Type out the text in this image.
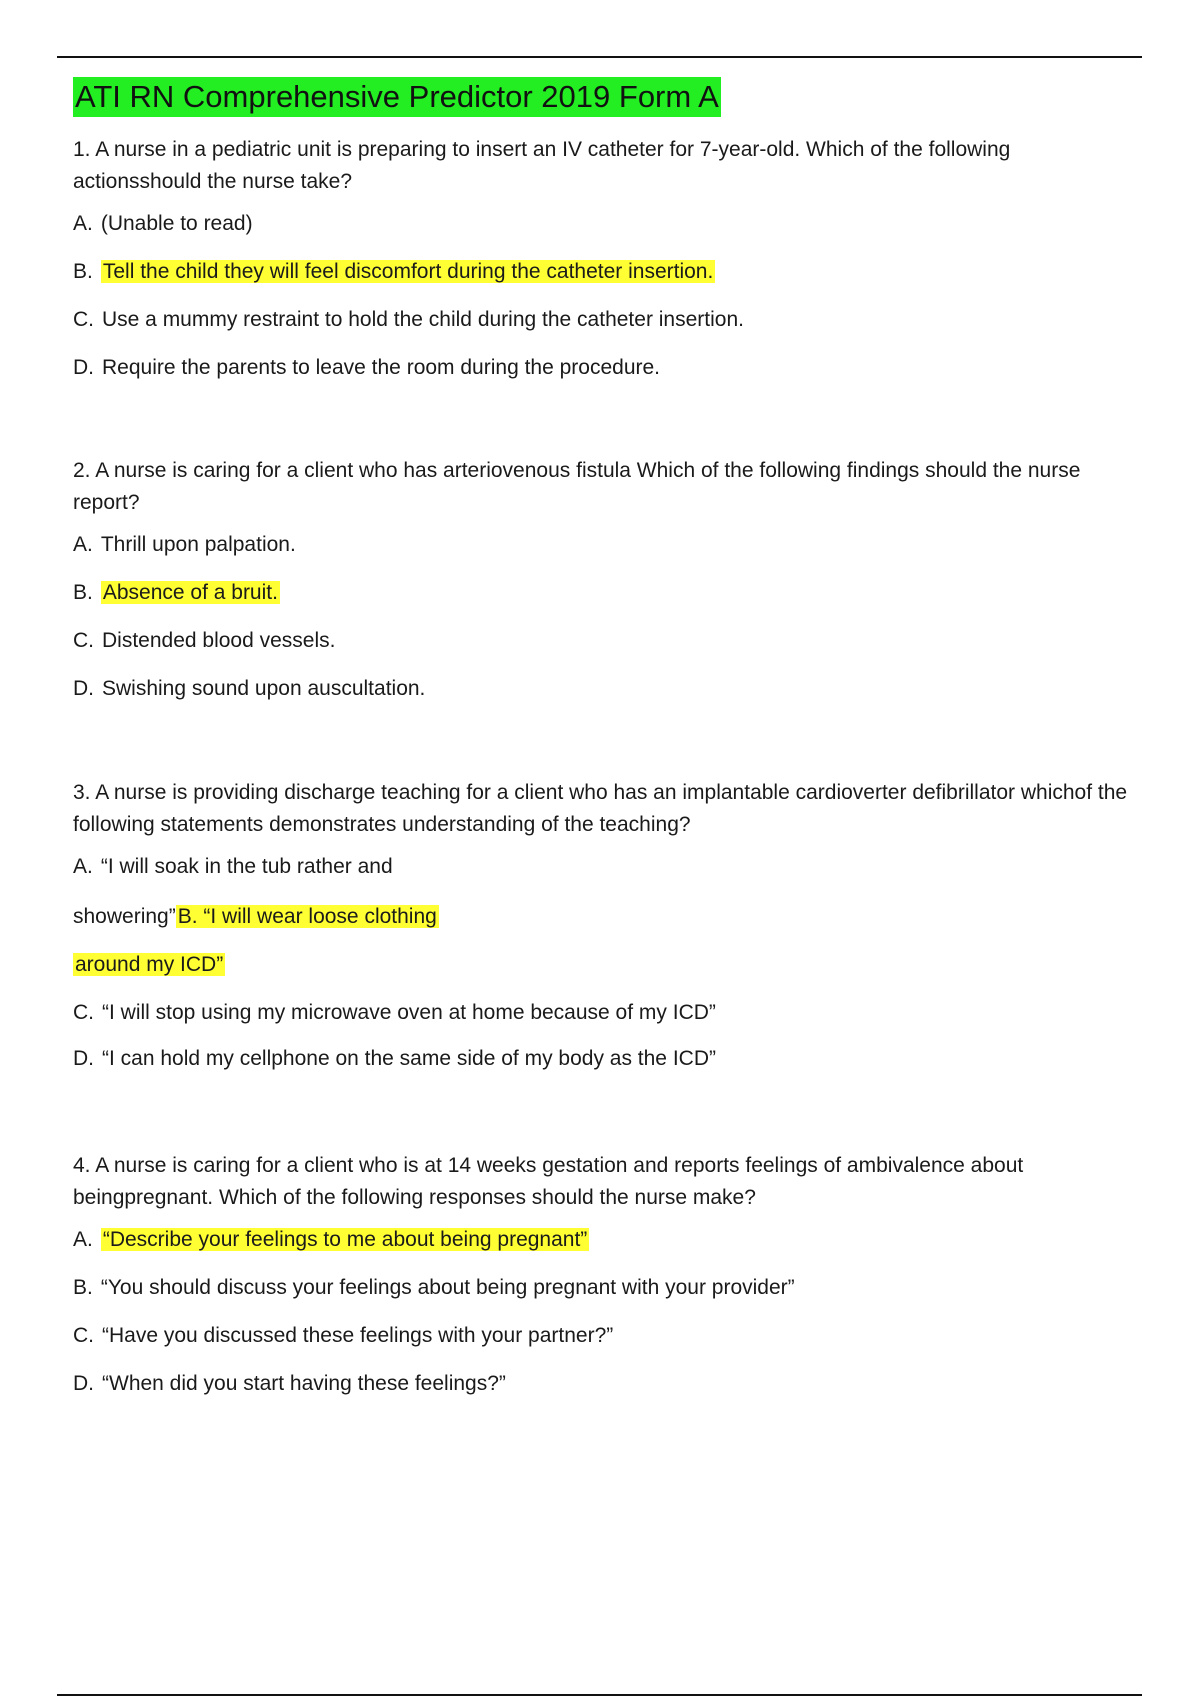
ATI RN Comprehensive Predictor 2019 Form A

1. A nurse in a pediatric unit is preparing to insert an IV catheter for 7-year-old. Which of the following actionsshould the nurse take?

A. (Unable to read)
B. Tell the child they will feel discomfort during the catheter insertion.
C. Use a mummy restraint to hold the child during the catheter insertion.
D. Require the parents to leave the room during the procedure.

2. A nurse is caring for a client who has arteriovenous fistula Which of the following findings should the nurse report?

A. Thrill upon palpation.
B. Absence of a bruit.
C. Distended blood vessels.
D. Swishing sound upon auscultation.

3. A nurse is providing discharge teaching for a client who has an implantable cardioverter defibrillator whichof the following statements demonstrates understanding of the teaching?

A. “I will soak in the tub rather and
showering”B. “I will wear loose clothing
around my ICD”
C. “I will stop using my microwave oven at home because of my ICD”
D. “I can hold my cellphone on the same side of my body as the ICD”

4. A nurse is caring for a client who is at 14 weeks gestation and reports feelings of ambivalence about beingpregnant. Which of the following responses should the nurse make?

A. “Describe your feelings to me about being pregnant”
B. “You should discuss your feelings about being pregnant with your provider”
C. “Have you discussed these feelings with your partner?”
D. “When did you start having these feelings?”
